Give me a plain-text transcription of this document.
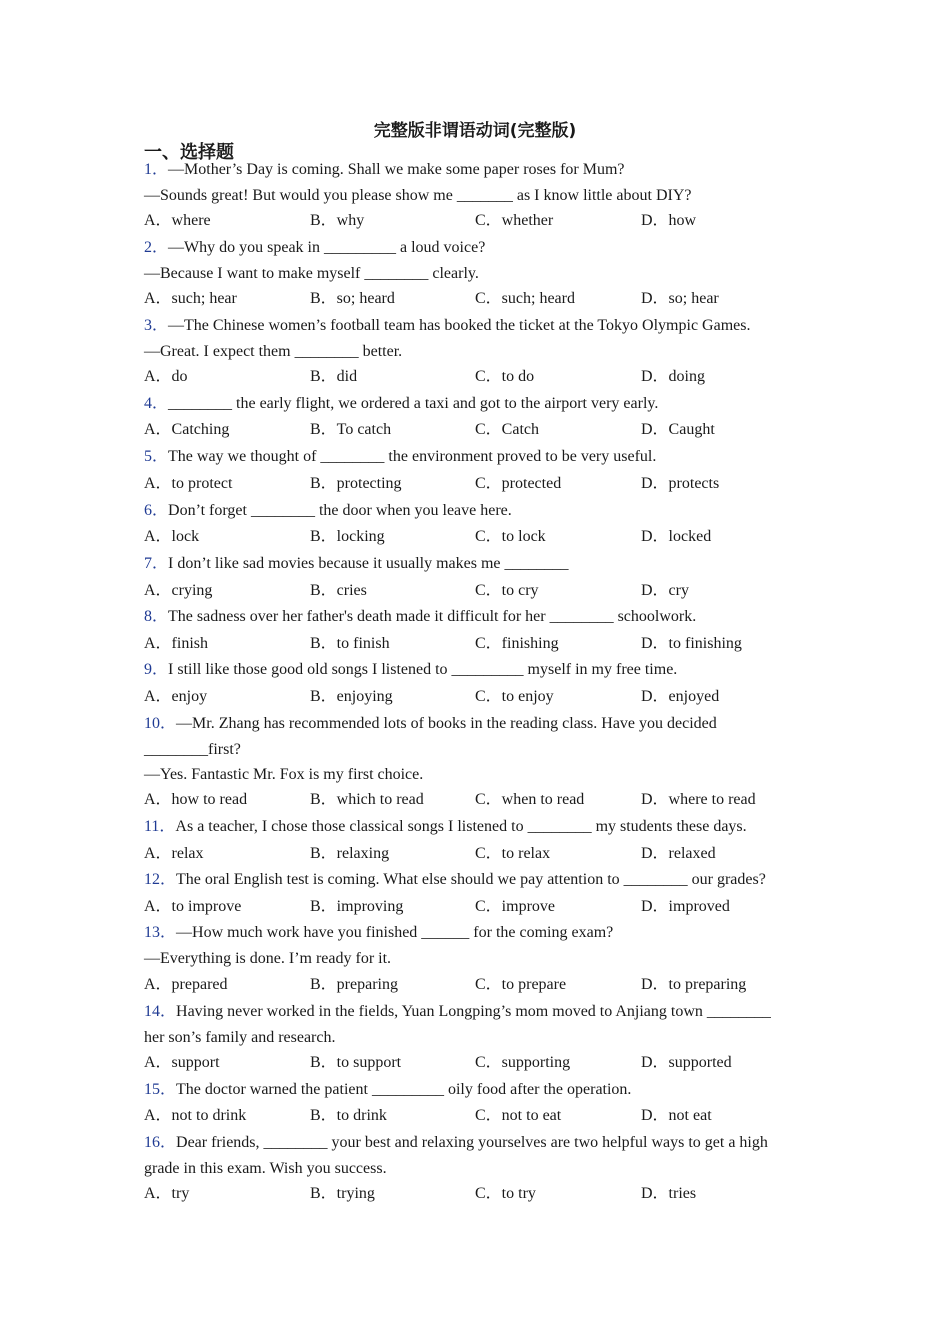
完整版非谓语动词(完整版)
一、选择题
1．—Mother’s Day is coming. Shall we make some paper roses for Mum?
—Sounds great! But would you please show me _______ as I know little about DIY?
A．where	B．why	C．whether	D．how
2．—Why do you speak in _________ a loud voice?
—Because I want to make myself ________ clearly.
A．such; hear	B．so; heard	C．such; heard	D．so; hear
3．—The Chinese women’s football team has booked the ticket at the Tokyo Olympic Games.
—Great. I expect them ________ better.
A．do	B．did	C．to do	D．doing
4．________ the early flight, we ordered a taxi and got to the airport very early.
A．Catching	B．To catch	C．Catch	D．Caught
5．The way we thought of ________ the environment proved to be very useful.
A．to protect	B．protecting	C．protected	D．protects
6．Don’t forget ________ the door when you leave here.
A．lock	B．locking	C．to lock	D．locked
7．I don’t like sad movies because it usually makes me ________
A．crying	B．cries	C．to cry	D．cry
8．The sadness over her father's death made it difficult for her ________ schoolwork.
A．finish	B．to finish	C．finishing	D．to finishing
9．I still like those good old songs I listened to _________ myself in my free time.
A．enjoy	B．enjoying	C．to enjoy	D．enjoyed
10．—Mr. Zhang has recommended lots of books in the reading class. Have you decided
________first?
—Yes. Fantastic Mr. Fox is my first choice.
A．how to read	B．which to read	C．when to read	D．where to read
11．As a teacher, I chose those classical songs I listened to ________ my students these days.
A．relax	B．relaxing	C．to relax	D．relaxed
12．The oral English test is coming. What else should we pay attention to ________ our grades?
A．to improve	B．improving	C．improve	D．improved
13．—How much work have you finished ______ for the coming exam?
—Everything is done. I’m ready for it.
A．prepared	B．preparing	C．to prepare	D．to preparing
14．Having never worked in the fields, Yuan Longping’s mom moved to Anjiang town ________
her son’s family and research.
A．support	B．to support	C．supporting	D．supported
15．The doctor warned the patient _________ oily food after the operation.
A．not to drink	B．to drink	C．not to eat	D．not eat
16．Dear friends, ________ your best and relaxing yourselves are two helpful ways to get a high
grade in this exam. Wish you success.
A．try	B．trying	C．to try	D．tries
